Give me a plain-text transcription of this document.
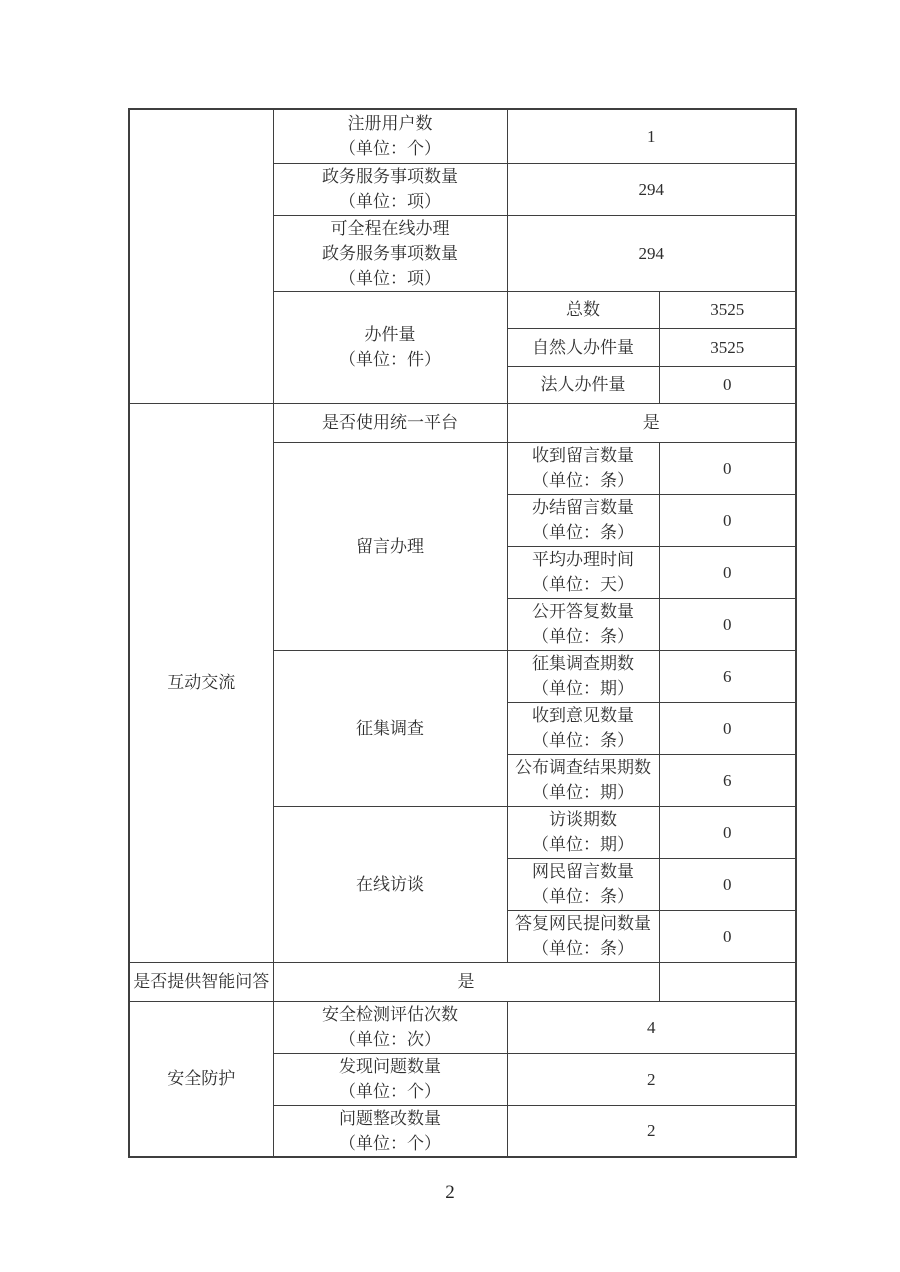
	注册用户数
（单位：个）	1	

	政务服务事项数量
（单位：项）	294	

	可全程在线办理
政务服务事项数量
（单位：项）	294	

	办件量
（单位：件）	总数	3525
		自然人办件量	3525
		法人办件量	0
互动交流	是否使用统一平台	是	
	留言办理	收到留言数量
（单位：条）	0

		办结留言数量
（单位：条）	0

		平均办理时间
（单位：天）	0

		公开答复数量
（单位：条）	0
	征集调查	征集调查期数
（单位：期）	6

		收到意见数量
（单位：条）	0

		公布调查结果期数
（单位：期）	6
	在线访谈	访谈期数
（单位：期）	0

		网民留言数量
（单位：条）	0

		答复网民提问数量
（单位：条）	0
是否提供智能问答	是		
安全防护	安全检测评估次数
（单位：次）	4	

	发现问题数量
（单位：个）	2	

	问题整改数量
（单位：个）	2	
2
